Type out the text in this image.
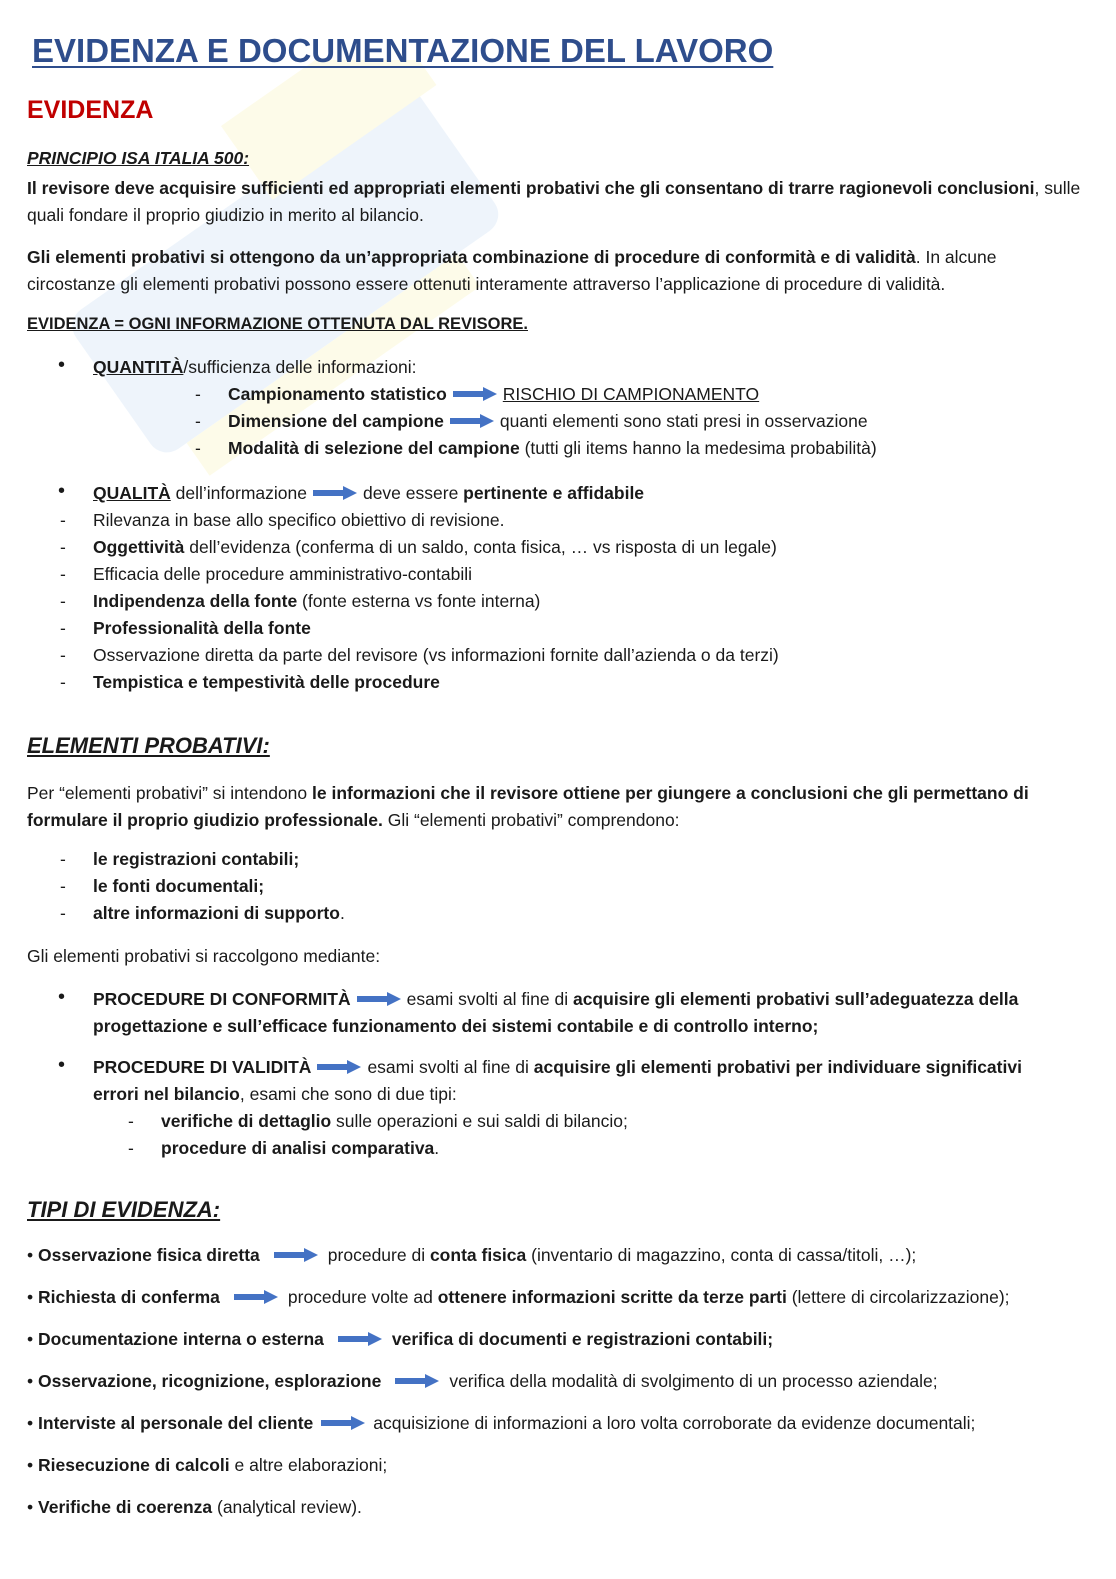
EVIDENZA E DOCUMENTAZIONE DEL LAVORO
EVIDENZA
PRINCIPIO ISA ITALIA 500:
Il revisore deve acquisire sufficienti ed appropriati elementi probativi che gli consentano di trarre ragionevoli conclusioni, sulle quali fondare il proprio giudizio in merito al bilancio.
Gli elementi probativi si ottengono da un’appropriata combinazione di procedure di conformità e di validità. In alcune circostanze gli elementi probativi possono essere ottenuti interamente attraverso l’applicazione di procedure di validità.
EVIDENZA = OGNI INFORMAZIONE OTTENUTA DAL REVISORE.
• QUANTITÀ/sufficienza delle informazioni:
- Campionamento statistico	RISCHIO DI CAMPIONAMENTO
- Dimensione del campione	quanti elementi sono stati presi in osservazione
- Modalità di selezione del campione (tutti gli items hanno la medesima probabilità)
• QUALITÀ dell’informazione	deve essere pertinente e affidabile
- Rilevanza in base allo specifico obiettivo di revisione.
- Oggettività dell’evidenza (conferma di un saldo, conta fisica, … vs risposta di un legale)
- Efficacia delle procedure amministrativo-contabili
- Indipendenza della fonte (fonte esterna vs fonte interna)
- Professionalità della fonte
- Osservazione diretta da parte del revisore (vs informazioni fornite dall’azienda o da terzi)
- Tempistica e tempestività delle procedure
ELEMENTI PROBATIVI:
Per “elementi probativi” si intendono le informazioni che il revisore ottiene per giungere a conclusioni che gli permettano di formulare il proprio giudizio professionale. Gli “elementi probativi” comprendono:
- le registrazioni contabili;
- le fonti documentali;
- altre informazioni di supporto.
Gli elementi probativi si raccolgono mediante:
• PROCEDURE DI CONFORMITÀ	esami svolti al fine di acquisire gli elementi probativi sull’adeguatezza della
progettazione e sull’efficace funzionamento dei sistemi contabile e di controllo interno;
• PROCEDURE DI VALIDITÀ	esami svolti al fine di acquisire gli elementi probativi per individuare significativi
errori nel bilancio, esami che sono di due tipi:
- verifiche di dettaglio sulle operazioni e sui saldi di bilancio;
- procedure di analisi comparativa.
TIPI DI EVIDENZA:
• Osservazione fisica diretta	procedure di conta fisica (inventario di magazzino, conta di cassa/titoli, …);
• Richiesta di conferma	procedure volte ad ottenere informazioni scritte da terze parti (lettere di circolarizzazione);
• Documentazione interna o esterna	verifica di documenti e registrazioni contabili;
• Osservazione, ricognizione, esplorazione	verifica della modalità di svolgimento di un processo aziendale;
• Interviste al personale del cliente	acquisizione di informazioni a loro volta corroborate da evidenze documentali;
• Riesecuzione di calcoli e altre elaborazioni;
• Verifiche di coerenza (analytical review).
